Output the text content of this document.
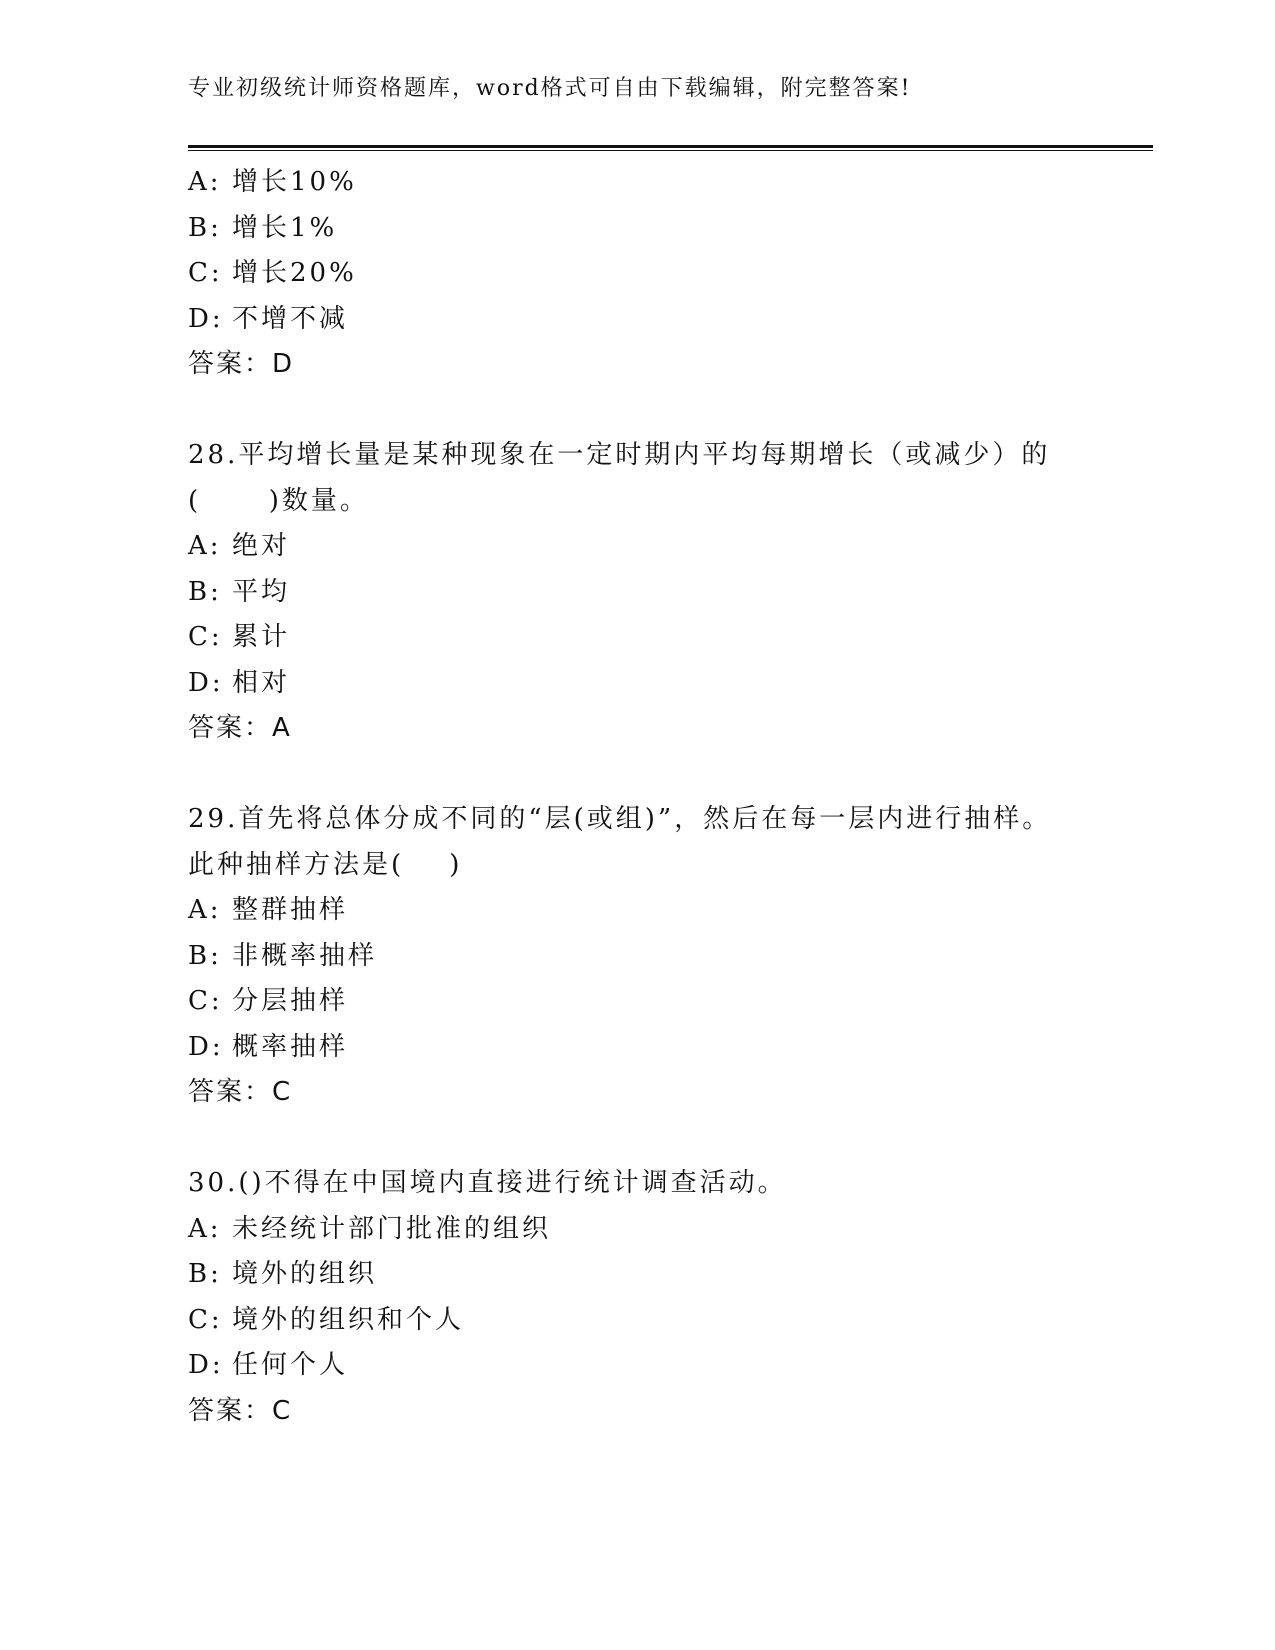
专业初级统计师资格题库，word格式可自由下载编辑，附完整答案!
A: 增长10%
B: 增长1%
C: 增长20%
D: 不增不减
答案：D
28.平均增长量是某种现象在一定时期内平均每期增长（或减少）的
(      )数量。
A: 绝对
B: 平均
C: 累计
D: 相对
答案：A
29.首先将总体分成不同的“层(或组)”，然后在每一层内进行抽样。
此种抽样方法是(    )
A: 整群抽样
B: 非概率抽样
C: 分层抽样
D: 概率抽样
答案：C
30.()不得在中国境内直接进行统计调查活动。
A: 未经统计部门批准的组织
B: 境外的组织
C: 境外的组织和个人
D: 任何个人
答案：C
